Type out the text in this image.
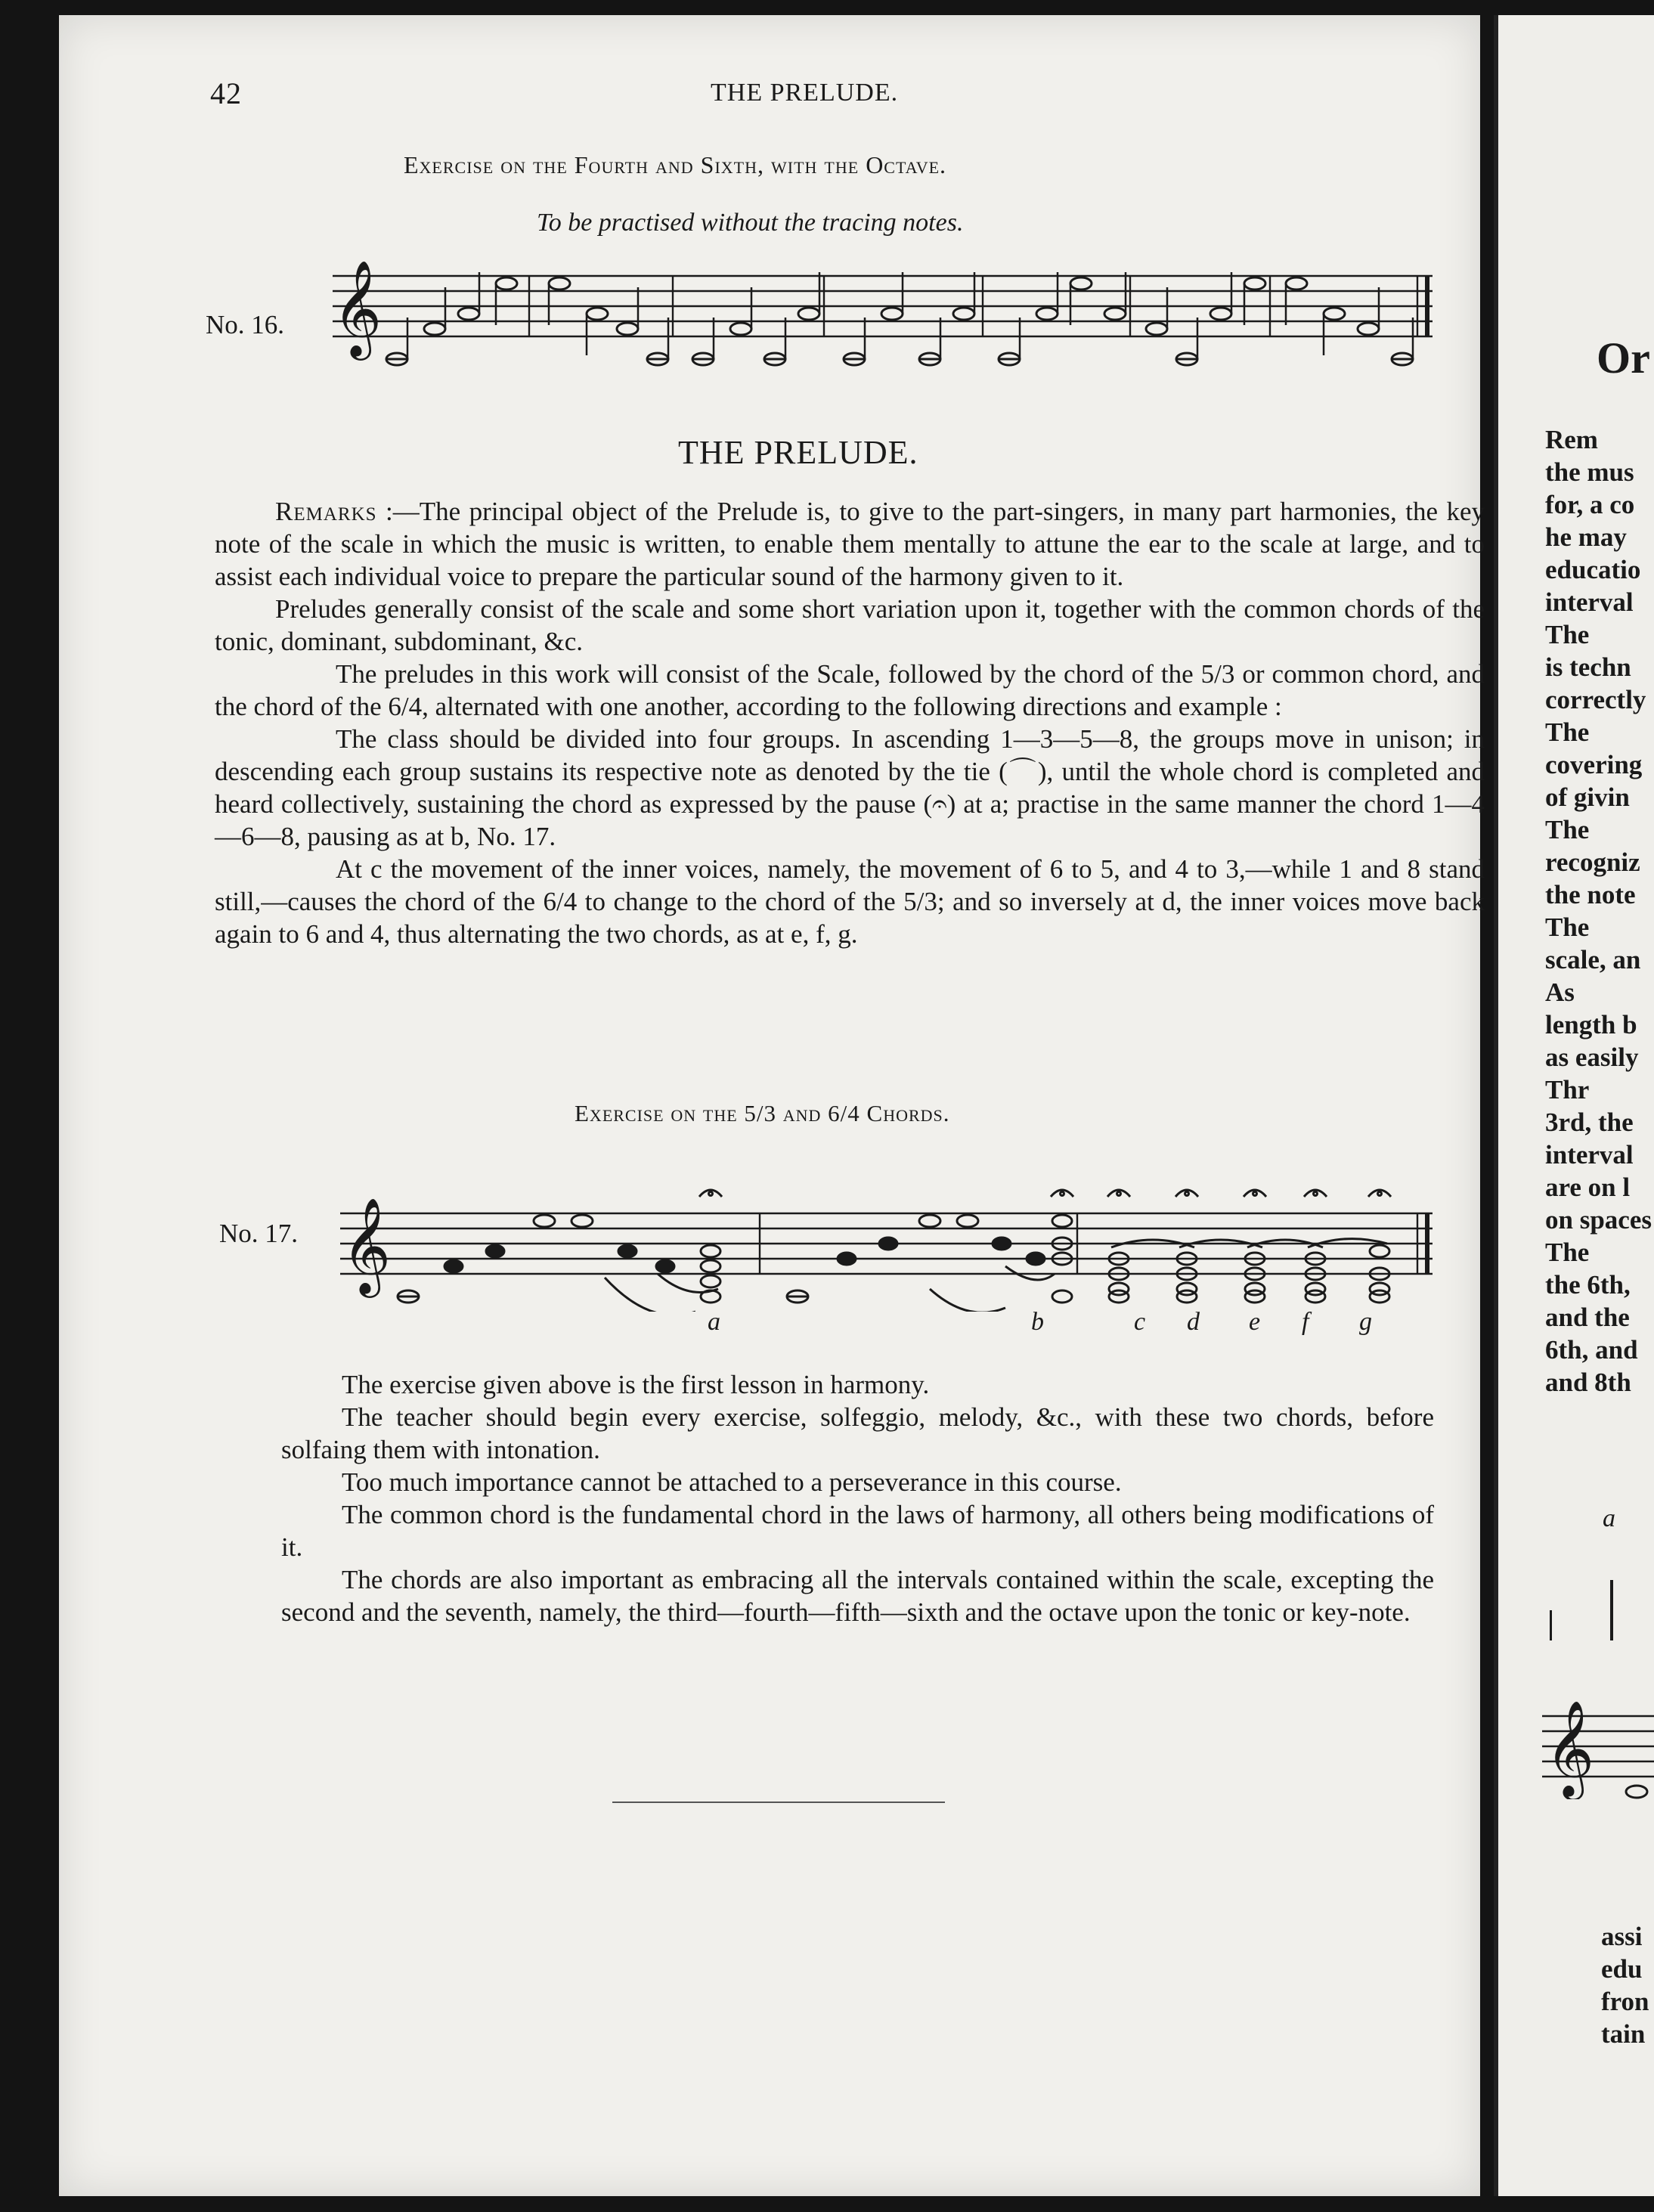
42	THE PRELUDE.
Exercise on the Fourth and Sixth, with the Octave.
To be practised without the tracing notes.
No. 16. 𝄞
THE PRELUDE.

Remarks :—The principal object of the Prelude is, to give to the part-singers, in many part harmonies, the key note of the scale in which the music is written, to enable them mentally to attune the ear to the scale at large, and to assist each individual voice to prepare the particular sound of the harmony given to it.

Preludes generally consist of the scale and some short variation upon it, together with the common chords of the tonic, dominant, subdominant, &c.

The preludes in this work will consist of the Scale, followed by the chord of the 5/3 or common chord, and the chord of the 6/4, alternated with one another, according to the following directions and example :

The class should be divided into four groups. In ascending 1—3—5—8, the groups move in unison; in descending each group sustains its respective note as denoted by the tie (⌒), until the whole chord is completed and heard collectively, sustaining the chord as expressed by the pause (𝄐) at a; practise in the same manner the chord 1—4—6—8, pausing as at b, No. 17.

At c the movement of the inner voices, namely, the movement of 6 to 5, and 4 to 3,—while 1 and 8 stand still,—causes the chord of the 6/4 to change to the chord of the 5/3; and so inversely at d, the inner voices move back again to 6 and 4, thus alternating the two chords, as at e, f, g.

Exercise on the 5/3 and 6/4 Chords.
No. 17. 𝄞
a	b	c d e f g

The exercise given above is the first lesson in harmony.

The teacher should begin every exercise, solfeggio, melody, &c., with these two chords, before solfaing them with intonation.

Too much importance cannot be attached to a perseverance in this course.

The common chord is the fundamental chord in the laws of harmony, all others being modifications of it.

The chords are also important as embracing all the intervals contained within the scale, excepting the second and the seventh, namely, the third—fourth—fifth—sixth and the octave upon the tonic or key-note.

Or
Rem
the mus
for, a co
he may
educatio
interval
The
is techn
correctly
The
covering
of givin
The
recogniz
the note
The
scale, an
As
length b
as easily
Thr
3rd, the
interval
are on l
on spaces
The
the 6th,
and the
6th, and
and 8th
a
𝄞
assi
edu
fron
tain
